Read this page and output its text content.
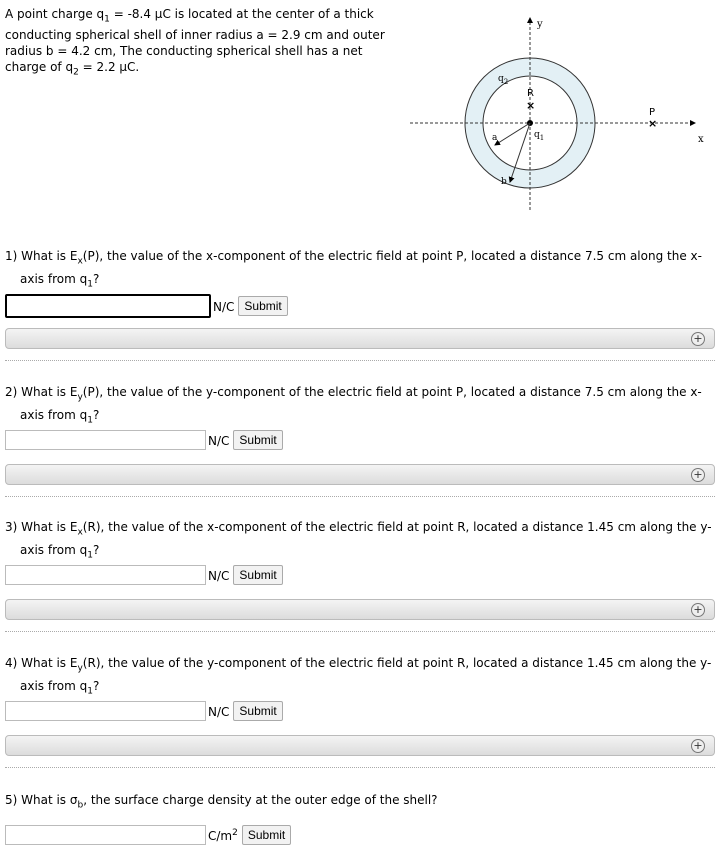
A point charge $q_1 = -8.4$ μC is located at the center of a thick conducting spherical shell of inner radius a = 2.9 cm and outer radius b = 4.2 cm, The conducting spherical shell has a net charge of $q_2 = 2.2$ μC.
y
x
$q_2$
$q_1$
a
b
R
×
P
×
1) What is $E_x(P)$, the value of the x-component of the electric field at point P, located a distance 7.5 cm along the x-axis from $q_1$?
N/C Submit
+
2) What is $E_y(P)$, the value of the y-component of the electric field at point P, located a distance 7.5 cm along the x-axis from $q_1$?
N/C Submit
+
3) What is $E_x(R)$, the value of the x-component of the electric field at point R, located a distance 1.45 cm along the y-axis from $q_1$?
N/C Submit
+
4) What is $E_y(R)$, the value of the y-component of the electric field at point R, located a distance 1.45 cm along the y-axis from $q_1$?
N/C Submit
+
5) What is $\sigma_b$, the surface charge density at the outer edge of the shell?
$C/m^2$ Submit
